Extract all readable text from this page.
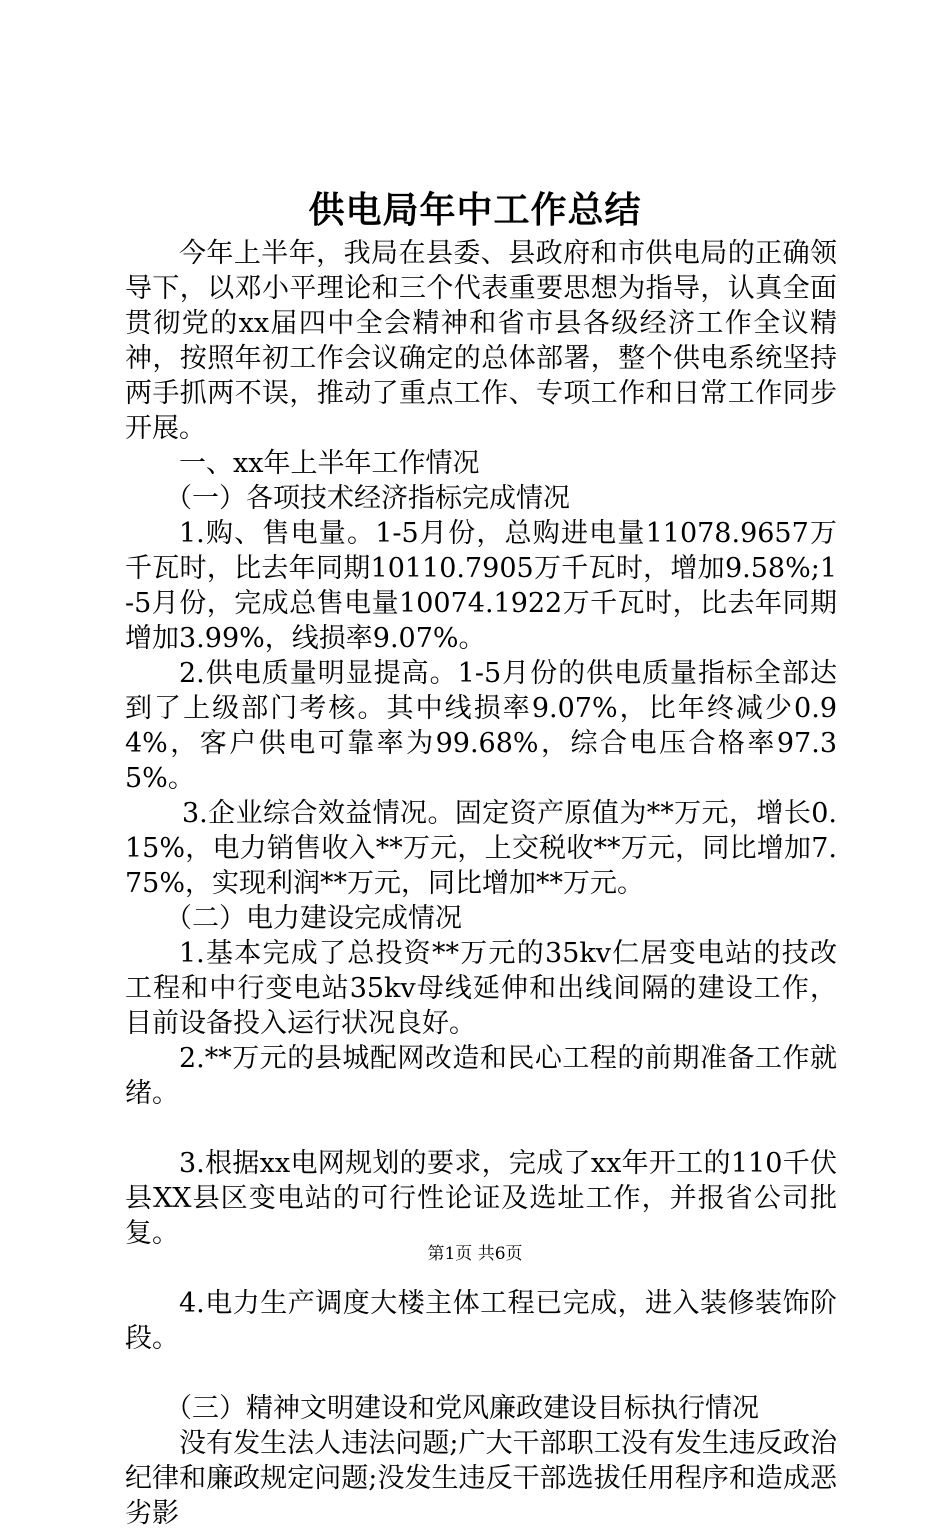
供电局年中工作总结

今年上半年，我局在县委、县政府和市供电局的正确领导下，以邓小平理论和三个代表重要思想为指导，认真全面贯彻党的xx届四中全会精神和省市县各级经济工作全议精神，按照年初工作会议确定的总体部署，整个供电系统坚持两手抓两不误，推动了重点工作、专项工作和日常工作同步开展。

一、xx年上半年工作情况

（一）各项技术经济指标完成情况

1.购、售电量。1-5月份，总购进电量11078.9657万千瓦时，比去年同期10110.7905万千瓦时，增加9.58%;1-5月份，完成总售电量10074.1922万千瓦时，比去年同期增加3.99%，线损率9.07%。

2.供电质量明显提高。1-5月份的供电质量指标全部达到了上级部门考核。其中线损率9.07%，比年终减少0.94%，客户供电可靠率为99.68%，综合电压合格率97.35%。

3.企业综合效益情况。固定资产原值为**万元，增长0.15%，电力销售收入**万元，上交税收**万元，同比增加7.75%，实现利润**万元，同比增加**万元。

（二）电力建设完成情况

1.基本完成了总投资**万元的35kv仁居变电站的技改工程和中行变电站35kv母线延伸和出线间隔的建设工作，目前设备投入运行状况良好。

2.**万元的县城配网改造和民心工程的前期准备工作就绪。

3.根据xx电网规划的要求，完成了xx年开工的110千伏县XX县区变电站的可行性论证及选址工作，并报省公司批复。

4.电力生产调度大楼主体工程已完成，进入装修装饰阶段。

（三）精神文明建设和党风廉政建设目标执行情况

没有发生法人违法问题;广大干部职工没有发生违反政治纪律和廉政规定问题;没发生违反干部选拔任用程序和造成恶劣影

第1页 共6页
